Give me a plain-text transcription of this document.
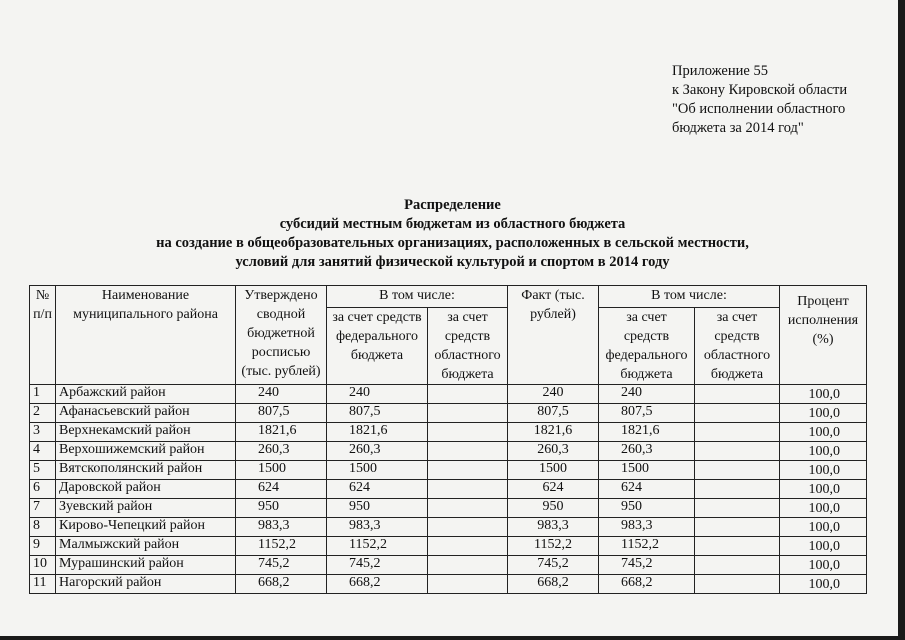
Приложение 55
к Закону Кировской области
"Об исполнении областного
бюджета за 2014 год"
Распределение
субсидий местным бюджетам из областного бюджета
на создание в общеобразовательных организациях, расположенных в сельской местности,
условий для занятий физической культурой и спортом в 2014 году
№ п/п	Наименование муниципального района	Утверждено сводной бюджетной росписью (тыс. рублей)	В том числе:		Факт (тыс. рублей)	В том числе:		Процент исполнения (%)
			за счет средств федерального бюджета	за счет средств областного бюджета		за счет средств федерального бюджета	за счет средств областного бюджета	
1	Арбажский район	240	240		240	240		100,0
2	Афанасьевский район	807,5	807,5		807,5	807,5		100,0
3	Верхнекамский район	1821,6	1821,6		1821,6	1821,6		100,0
4	Верхошижемский район	260,3	260,3		260,3	260,3		100,0
5	Вятскополянский район	1500	1500		1500	1500		100,0
6	Даровской район	624	624		624	624		100,0
7	Зуевский район	950	950		950	950		100,0
8	Кирово-Чепецкий район	983,3	983,3		983,3	983,3		100,0
9	Малмыжский район	1152,2	1152,2		1152,2	1152,2		100,0
10	Мурашинский район	745,2	745,2		745,2	745,2		100,0
11	Нагорский район	668,2	668,2		668,2	668,2		100,0
